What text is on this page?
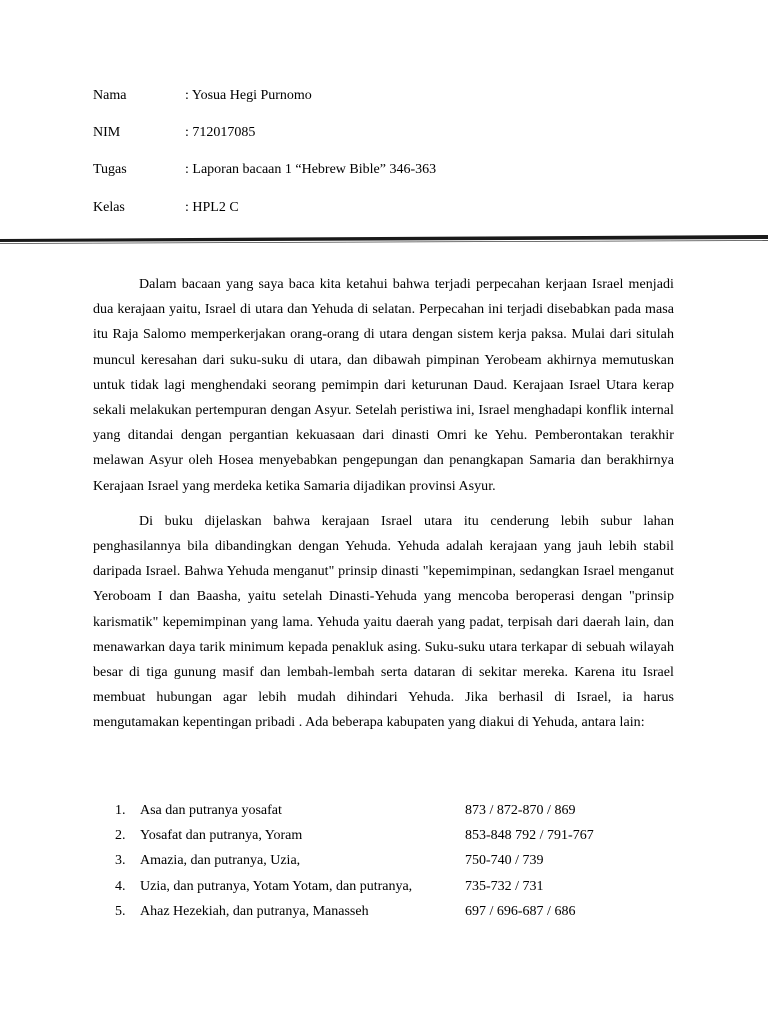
Nama	: Yosua Hegi Purnomo
NIM	: 712017085
Tugas	: Laporan bacaan 1 “Hebrew Bible” 346-363
Kelas	: HPL2 C

Dalam bacaan yang saya baca kita ketahui bahwa terjadi perpecahan kerjaan Israel menjadi dua kerajaan yaitu, Israel di utara dan Yehuda di selatan. Perpecahan ini terjadi disebabkan pada masa itu Raja Salomo memperkerjakan orang-orang di utara dengan sistem kerja paksa. Mulai dari situlah muncul keresahan dari suku-suku di utara, dan dibawah pimpinan Yerobeam akhirnya memutuskan untuk tidak lagi menghendaki seorang pemimpin dari keturunan Daud. Kerajaan Israel Utara kerap sekali melakukan pertempuran dengan Asyur. Setelah peristiwa ini, Israel menghadapi konflik internal yang ditandai dengan pergantian kekuasaan dari dinasti Omri ke Yehu. Pemberontakan terakhir melawan Asyur oleh Hosea menyebabkan pengepungan dan penangkapan Samaria dan berakhirnya Kerajaan Israel yang merdeka ketika Samaria dijadikan provinsi Asyur.

Di buku dijelaskan bahwa kerajaan Israel utara itu cenderung lebih subur lahan penghasilannya bila dibandingkan dengan Yehuda. Yehuda adalah kerajaan yang jauh lebih stabil daripada Israel. Bahwa Yehuda menganut" prinsip dinasti "kepemimpinan, sedangkan Israel menganut Yeroboam I dan Baasha, yaitu setelah Dinasti-Yehuda yang mencoba beroperasi dengan "prinsip karismatik" kepemimpinan yang lama. Yehuda yaitu daerah yang padat, terpisah dari daerah lain, dan menawarkan daya tarik minimum kepada penakluk asing. Suku-suku utara terkapar di sebuah wilayah besar di tiga gunung masif dan lembah-lembah serta dataran di sekitar mereka. Karena itu Israel membuat hubungan agar lebih mudah dihindari Yehuda. Jika berhasil di Israel, ia harus mengutamakan kepentingan pribadi . Ada beberapa kabupaten yang diakui di Yehuda, antara lain:

1. Asa dan putranya yosafat	873 / 872-870 / 869
2. Yosafat dan putranya, Yoram	853-848 792 / 791-767
3. Amazia, dan putranya, Uzia,	750-740 / 739
4. Uzia, dan putranya, Yotam Yotam, dan putranya,	735-732 / 731
5. Ahaz Hezekiah, dan putranya, Manasseh	697 / 696-687 / 686
